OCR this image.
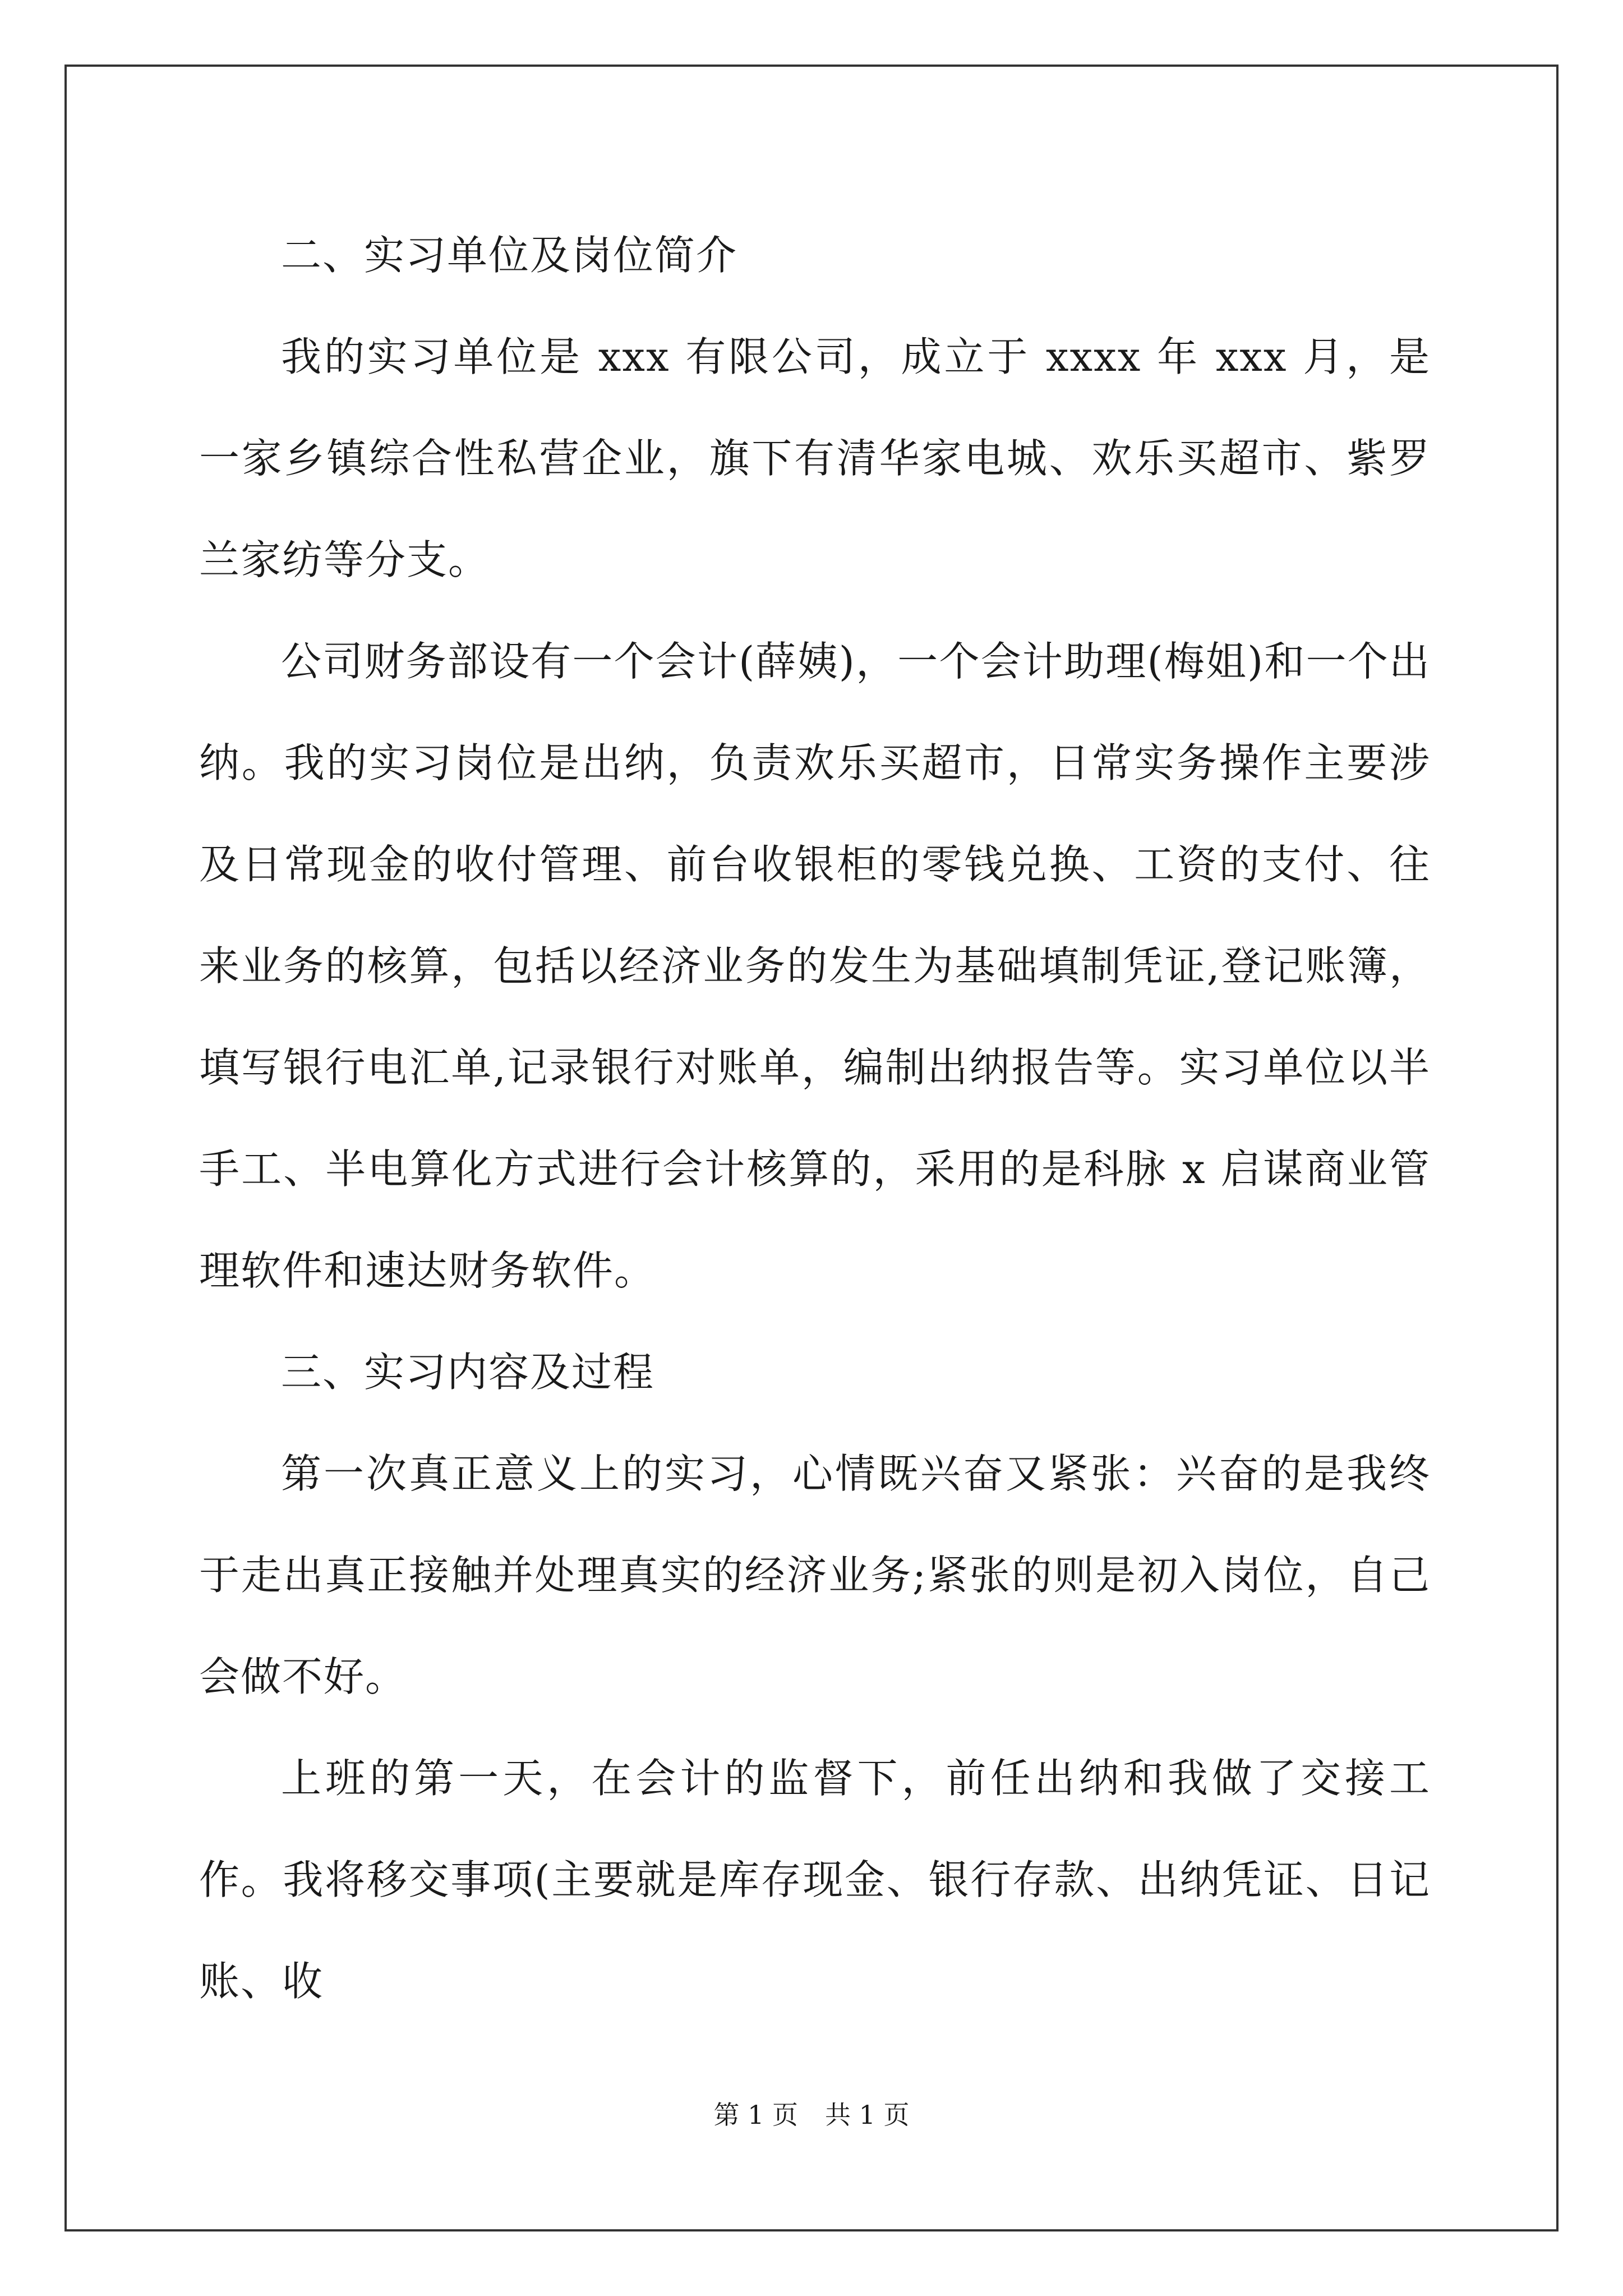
二、实习单位及岗位简介

我的实习单位是 xxx 有限公司，成立于 xxxx 年 xxx 月，是一家乡镇综合性私营企业，旗下有清华家电城、欢乐买超市、紫罗兰家纺等分支。

公司财务部设有一个会计(薛姨)，一个会计助理(梅姐)和一个出纳。我的实习岗位是出纳，负责欢乐买超市，日常实务操作主要涉及日常现金的收付管理、前台收银柜的零钱兑换、工资的支付、往来业务的核算，包括以经济业务的发生为基础填制凭证,登记账簿，填写银行电汇单,记录银行对账单，编制出纳报告等。实习单位以半手工、半电算化方式进行会计核算的，采用的是科脉 x 启谋商业管理软件和速达财务软件。

三、实习内容及过程

第一次真正意义上的实习，心情既兴奋又紧张：兴奋的是我终于走出真正接触并处理真实的经济业务;紧张的则是初入岗位，自己会做不好。

上班的第一天，在会计的监督下，前任出纳和我做了交接工作。我将移交事项(主要就是库存现金、银行存款、出纳凭证、日记账、收

第 1 页 共 1 页
